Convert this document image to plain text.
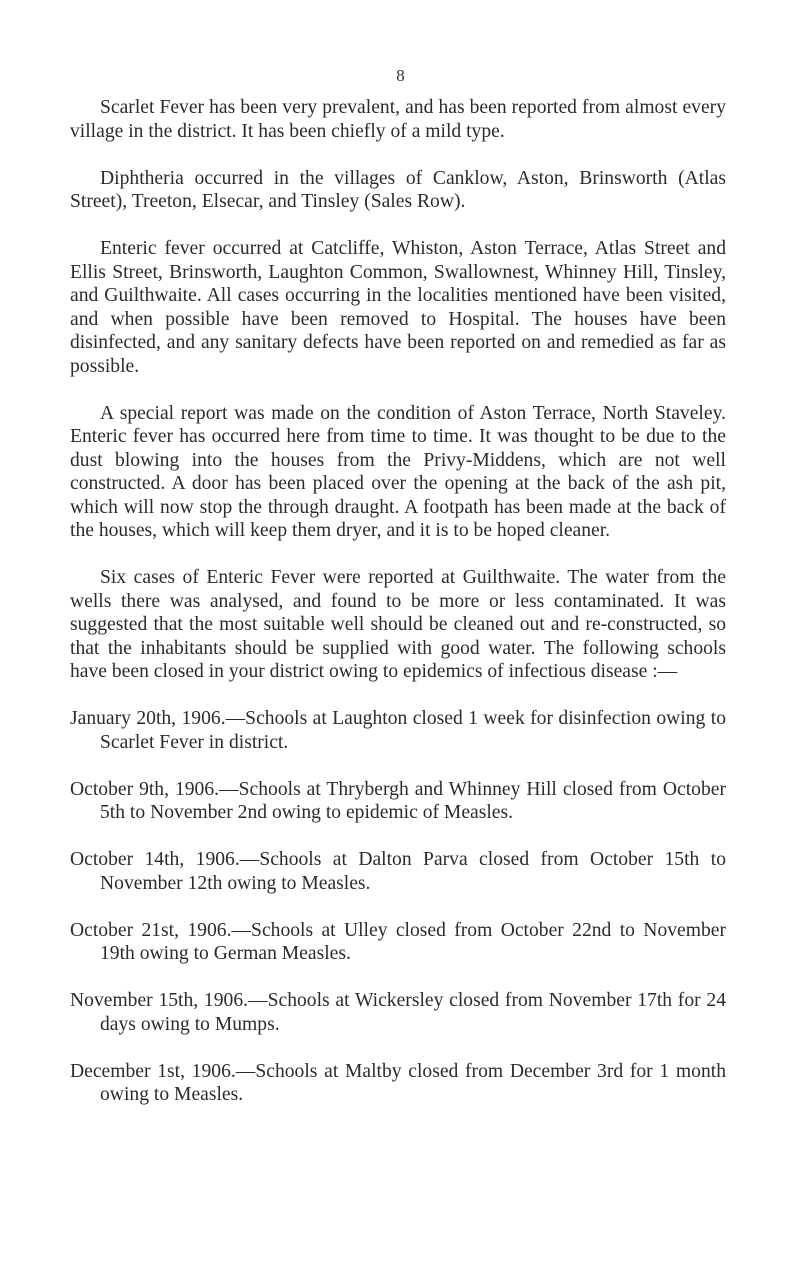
8

Scarlet Fever has been very prevalent, and has been reported from almost every village in the district. It has been chiefly of a mild type.

Diphtheria occurred in the villages of Canklow, Aston, Brinsworth (Atlas Street), Treeton, Elsecar, and Tinsley (Sales Row).

Enteric fever occurred at Catcliffe, Whiston, Aston Terrace, Atlas Street and Ellis Street, Brinsworth, Laughton Common, Swallownest, Whinney Hill, Tinsley, and Guilthwaite. All cases occurring in the localities mentioned have been visited, and when possible have been removed to Hospital. The houses have been disinfected, and any sanitary defects have been reported on and remedied as far as possible.

A special report was made on the condition of Aston Terrace, North Staveley. Enteric fever has occurred here from time to time. It was thought to be due to the dust blowing into the houses from the Privy-Middens, which are not well constructed. A door has been placed over the opening at the back of the ash pit, which will now stop the through draught. A footpath has been made at the back of the houses, which will keep them dryer, and it is to be hoped cleaner.

Six cases of Enteric Fever were reported at Guilthwaite. The water from the wells there was analysed, and found to be more or less contaminated. It was suggested that the most suitable well should be cleaned out and re-constructed, so that the inhabitants should be supplied with good water. The following schools have been closed in your district owing to epidemics of infectious disease :—

January 20th, 1906.—Schools at Laughton closed 1 week for disinfection owing to Scarlet Fever in district.

October 9th, 1906.—Schools at Thrybergh and Whinney Hill closed from October 5th to November 2nd owing to epidemic of Measles.

October 14th, 1906.—Schools at Dalton Parva closed from October 15th to November 12th owing to Measles.

October 21st, 1906.—Schools at Ulley closed from October 22nd to November 19th owing to German Measles.

November 15th, 1906.—Schools at Wickersley closed from November 17th for 24 days owing to Mumps.

December 1st, 1906.—Schools at Maltby closed from December 3rd for 1 month owing to Measles.
